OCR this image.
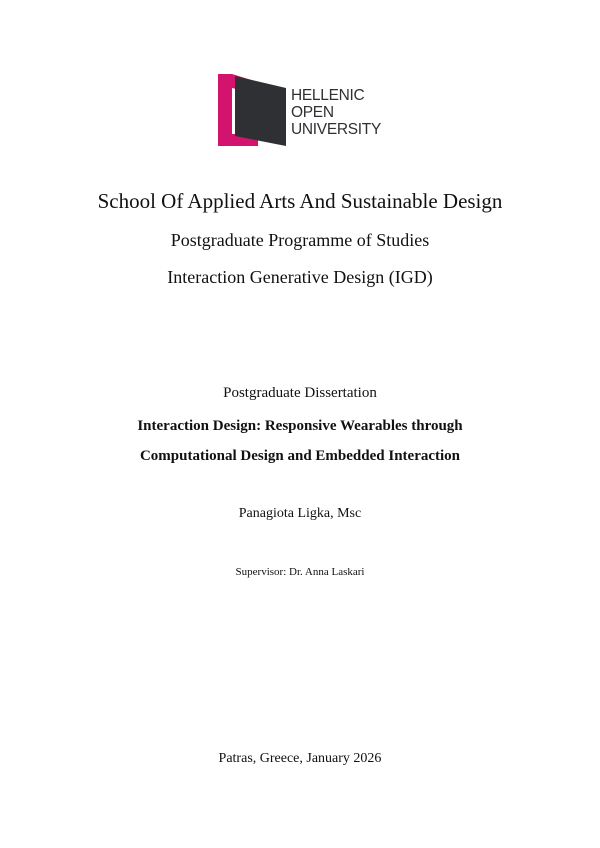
HELLENIC
OPEN
UNIVERSITY
School Of Applied Arts And Sustainable Design
Postgraduate Programme of Studies
Interaction Generative Design (IGD)
Postgraduate Dissertation
Interaction Design: Responsive Wearables through
Computational Design and Embedded Interaction
Panagiota Ligka, Msc
Supervisor: Dr. Anna Laskari
Patras, Greece, January 2026
